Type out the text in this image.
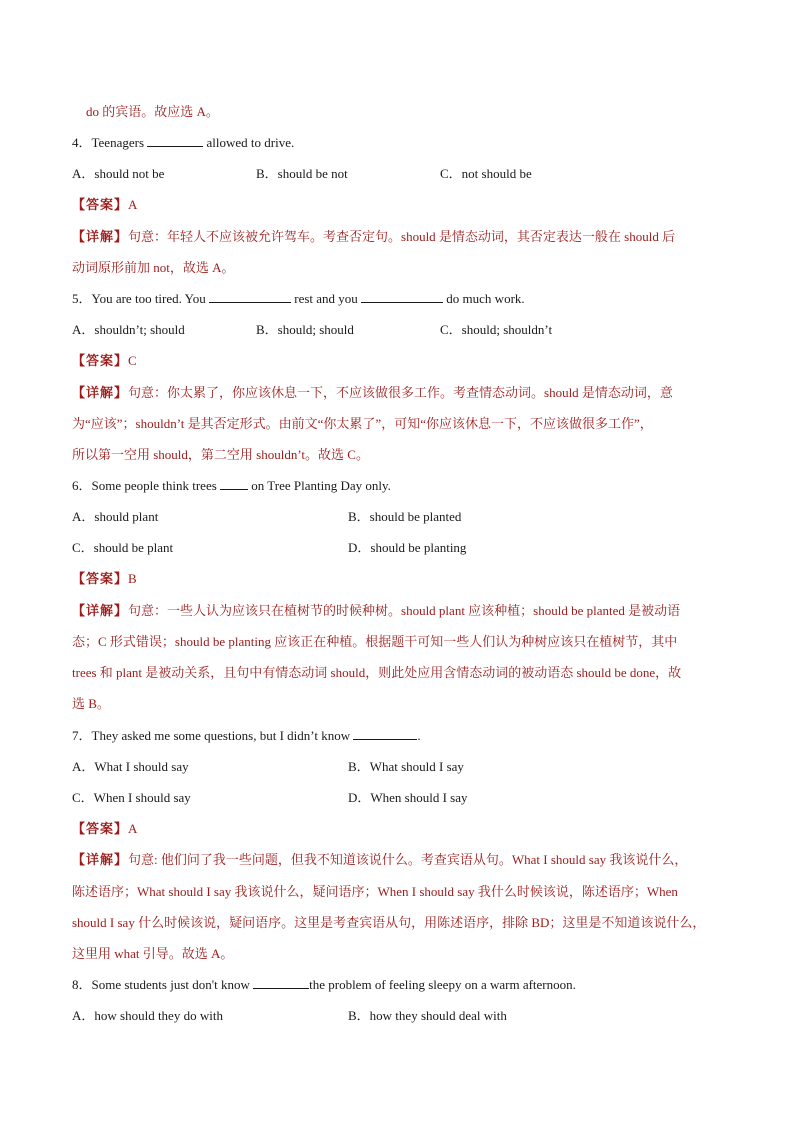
do 的宾语。故应选 A。
4．Teenagers	allowed to drive.
A．should not be	B．should be not	C．not should be
【答案】A
【详解】句意：年轻人不应该被允许驾车。考查否定句。should 是情态动词，其否定表达一般在 should 后
动词原形前加 not，故选 A。
5．You are too tired. You	rest and you	do much work.
A．shouldn’t; should	B．should; should	C．should; shouldn’t
【答案】C
【详解】句意：你太累了，你应该休息一下，不应该做很多工作。考查情态动词。should 是情态动词，意
为“应该”；shouldn’t 是其否定形式。由前文“你太累了”，可知“你应该休息一下，不应该做很多工作”，
所以第一空用 should，第二空用 shouldn’t。故选 C。
6．Some people think trees	on Tree Planting Day only.
A．should plant	B．should be planted
C．should be plant	D．should be planting
【答案】B
【详解】句意：一些人认为应该只在植树节的时候种树。should plant 应该种植；should be planted 是被动语
态；C 形式错误；should be planting 应该正在种植。根据题干可知一些人们认为种树应该只在植树节，其中
trees 和 plant 是被动关系，且句中有情态动词 should，则此处应用含情态动词的被动语态 should be done，故
选 B。
7．They asked me some questions, but I didn’t know	.
A．What I should say	B．What should I say
C．When I should say	D．When should I say
【答案】A
【详解】句意: 他们问了我一些问题，但我不知道该说什么。考查宾语从句。What I should say 我该说什么，
陈述语序；What should I say 我该说什么，疑问语序；When I should say 我什么时候该说，陈述语序；When
should I say 什么时候该说，疑问语序。这里是考查宾语从句，用陈述语序，排除 BD；这里是不知道该说什么，
这里用 what 引导。故选 A。
8．Some students just don't know	the problem of feeling sleepy on a warm afternoon.
A．how should they do with	B．how they should deal with
